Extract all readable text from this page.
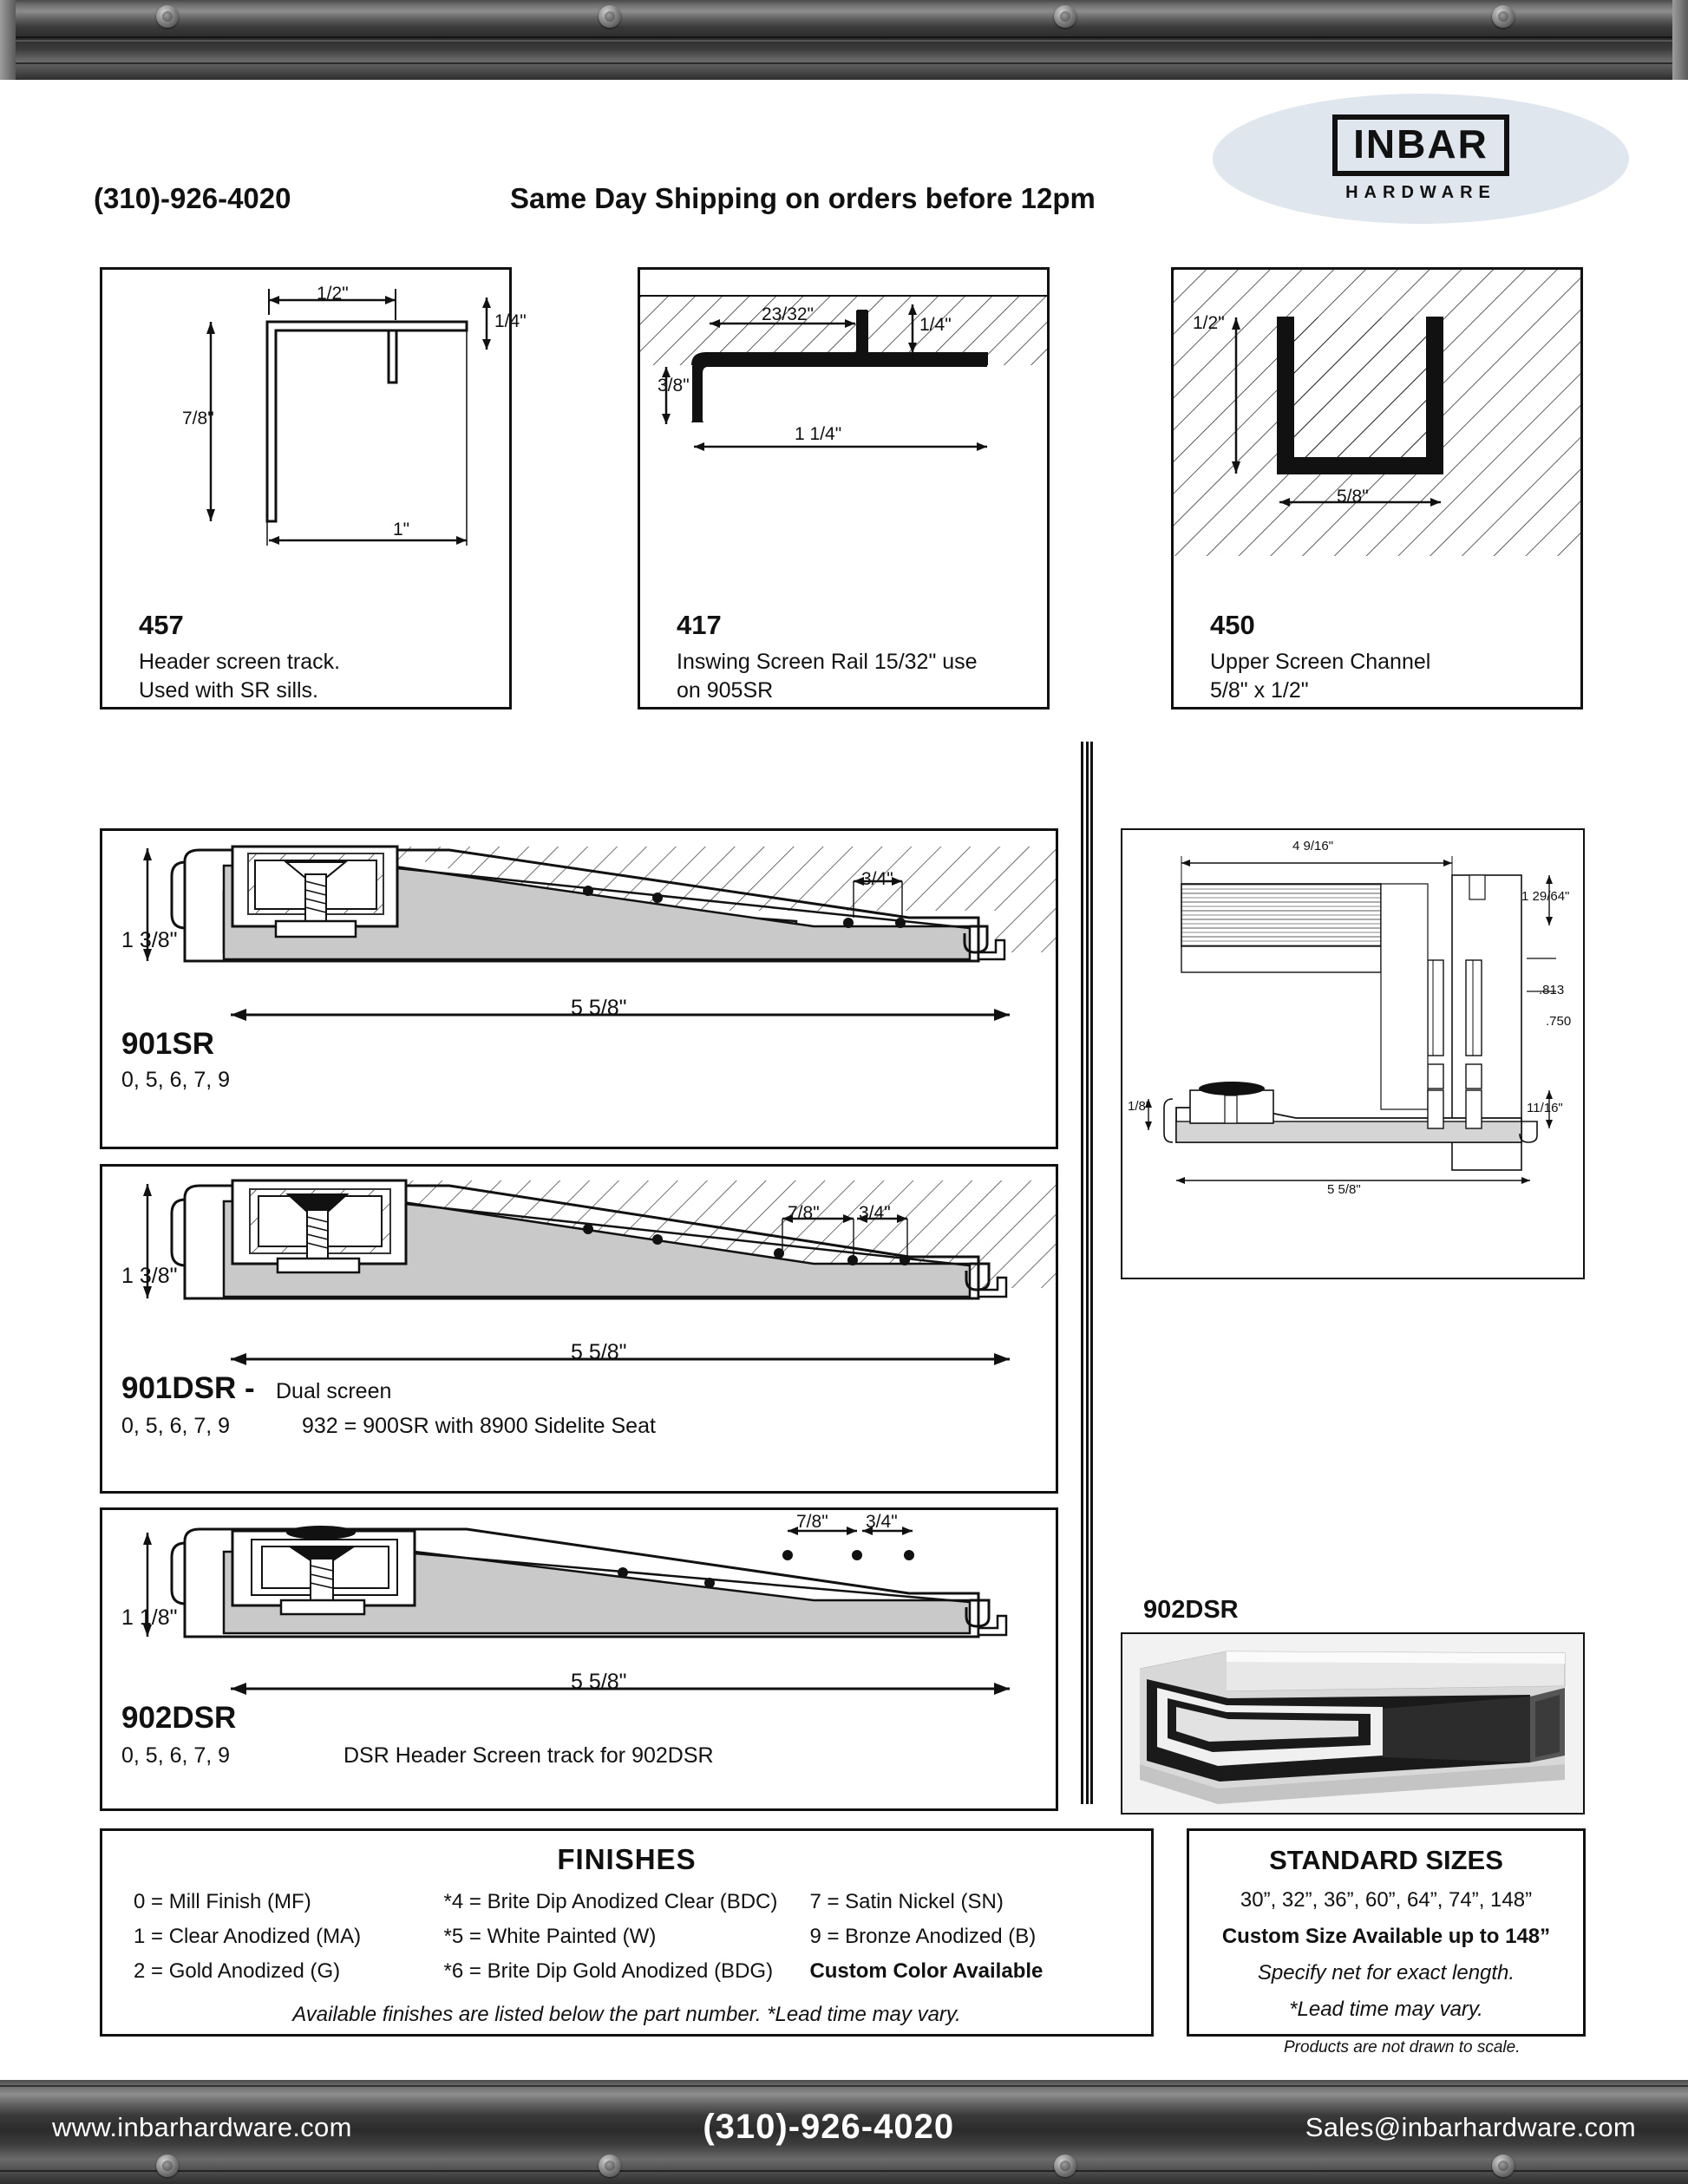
INBAR
HARDWARE
(310)-926-4020	Same Day Shipping on orders before 12pm
1/2"
1/4"
7/8"
1"
457
Header screen track.
Used with SR sills.
23/32"
1/4"
3/8"
1 1/4"
417
Inswing Screen Rail 15/32" use
on 905SR
1/2"
5/8"
450
Upper Screen Channel
5/8" x 1/2"
1 3/8"
3/4"
5 5/8"
901SR
0, 5, 6, 7, 9
1 3/8"
7/8" 3/4"
5 5/8"
901DSR - Dual screen
0, 5, 6, 7, 9	932 = 900SR with 8900 Sidelite Seat
1 1/8"
7/8" 3/4"
5 5/8"
902DSR
0, 5, 6, 7, 9	DSR Header Screen track for 902DSR
4 9/16"
1 29/64"
.813
.750
1/8"	11/16"
5 5/8"
902DSR
FINISHES
0 = Mill Finish (MF)	*4 = Brite Dip Anodized Clear (BDC)	7 = Satin Nickel (SN)
1 = Clear Anodized (MA)	*5 = White Painted (W)	9 = Bronze Anodized (B)
2 = Gold Anodized (G)	*6 = Brite Dip Gold Anodized (BDG)	Custom Color Available
Available finishes are listed below the part number. *Lead time may vary.
STANDARD SIZES
30”, 32”, 36”, 60”, 64”, 74”, 148”
Custom Size Available up to 148”
Specify net for exact length.
*Lead time may vary.
Products are not drawn to scale.
www.inbarhardware.com	(310)-926-4020	Sales@inbarhardware.com
